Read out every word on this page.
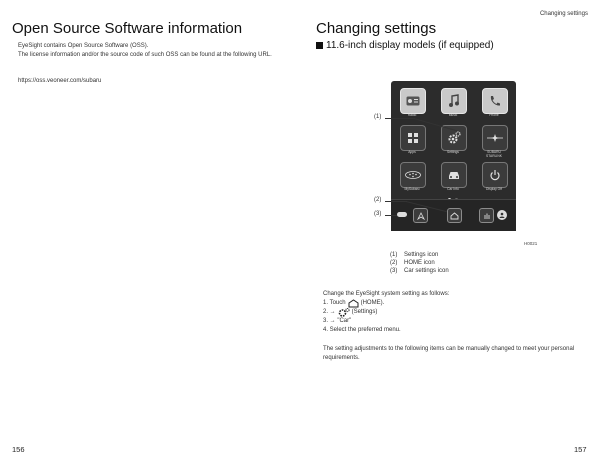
Changing settings
Open Source Software information
EyeSight contains Open Source Software (OSS).
The license information and/or the source code of such OSS can be found at the following URL.
https://oss.veoneer.com/subaru
156
Changing settings
11.6-inch display models (if equipped)
Radio	Music	Phone
Apps	Settings	SUBARU STARLINK
MySubaru	Car Info	Display Off
(1)
(2)
(3)
H0021
(1)	Settings icon
(2)	HOME icon
(3)	Car settings icon
Change the EyeSight system setting as follows:
1. Touch	(HOME).
2. →	(Settings)
3. → "Car"
4. Select the preferred menu.
The setting adjustments to the following items can be manually changed to meet your personal requirements.
157
